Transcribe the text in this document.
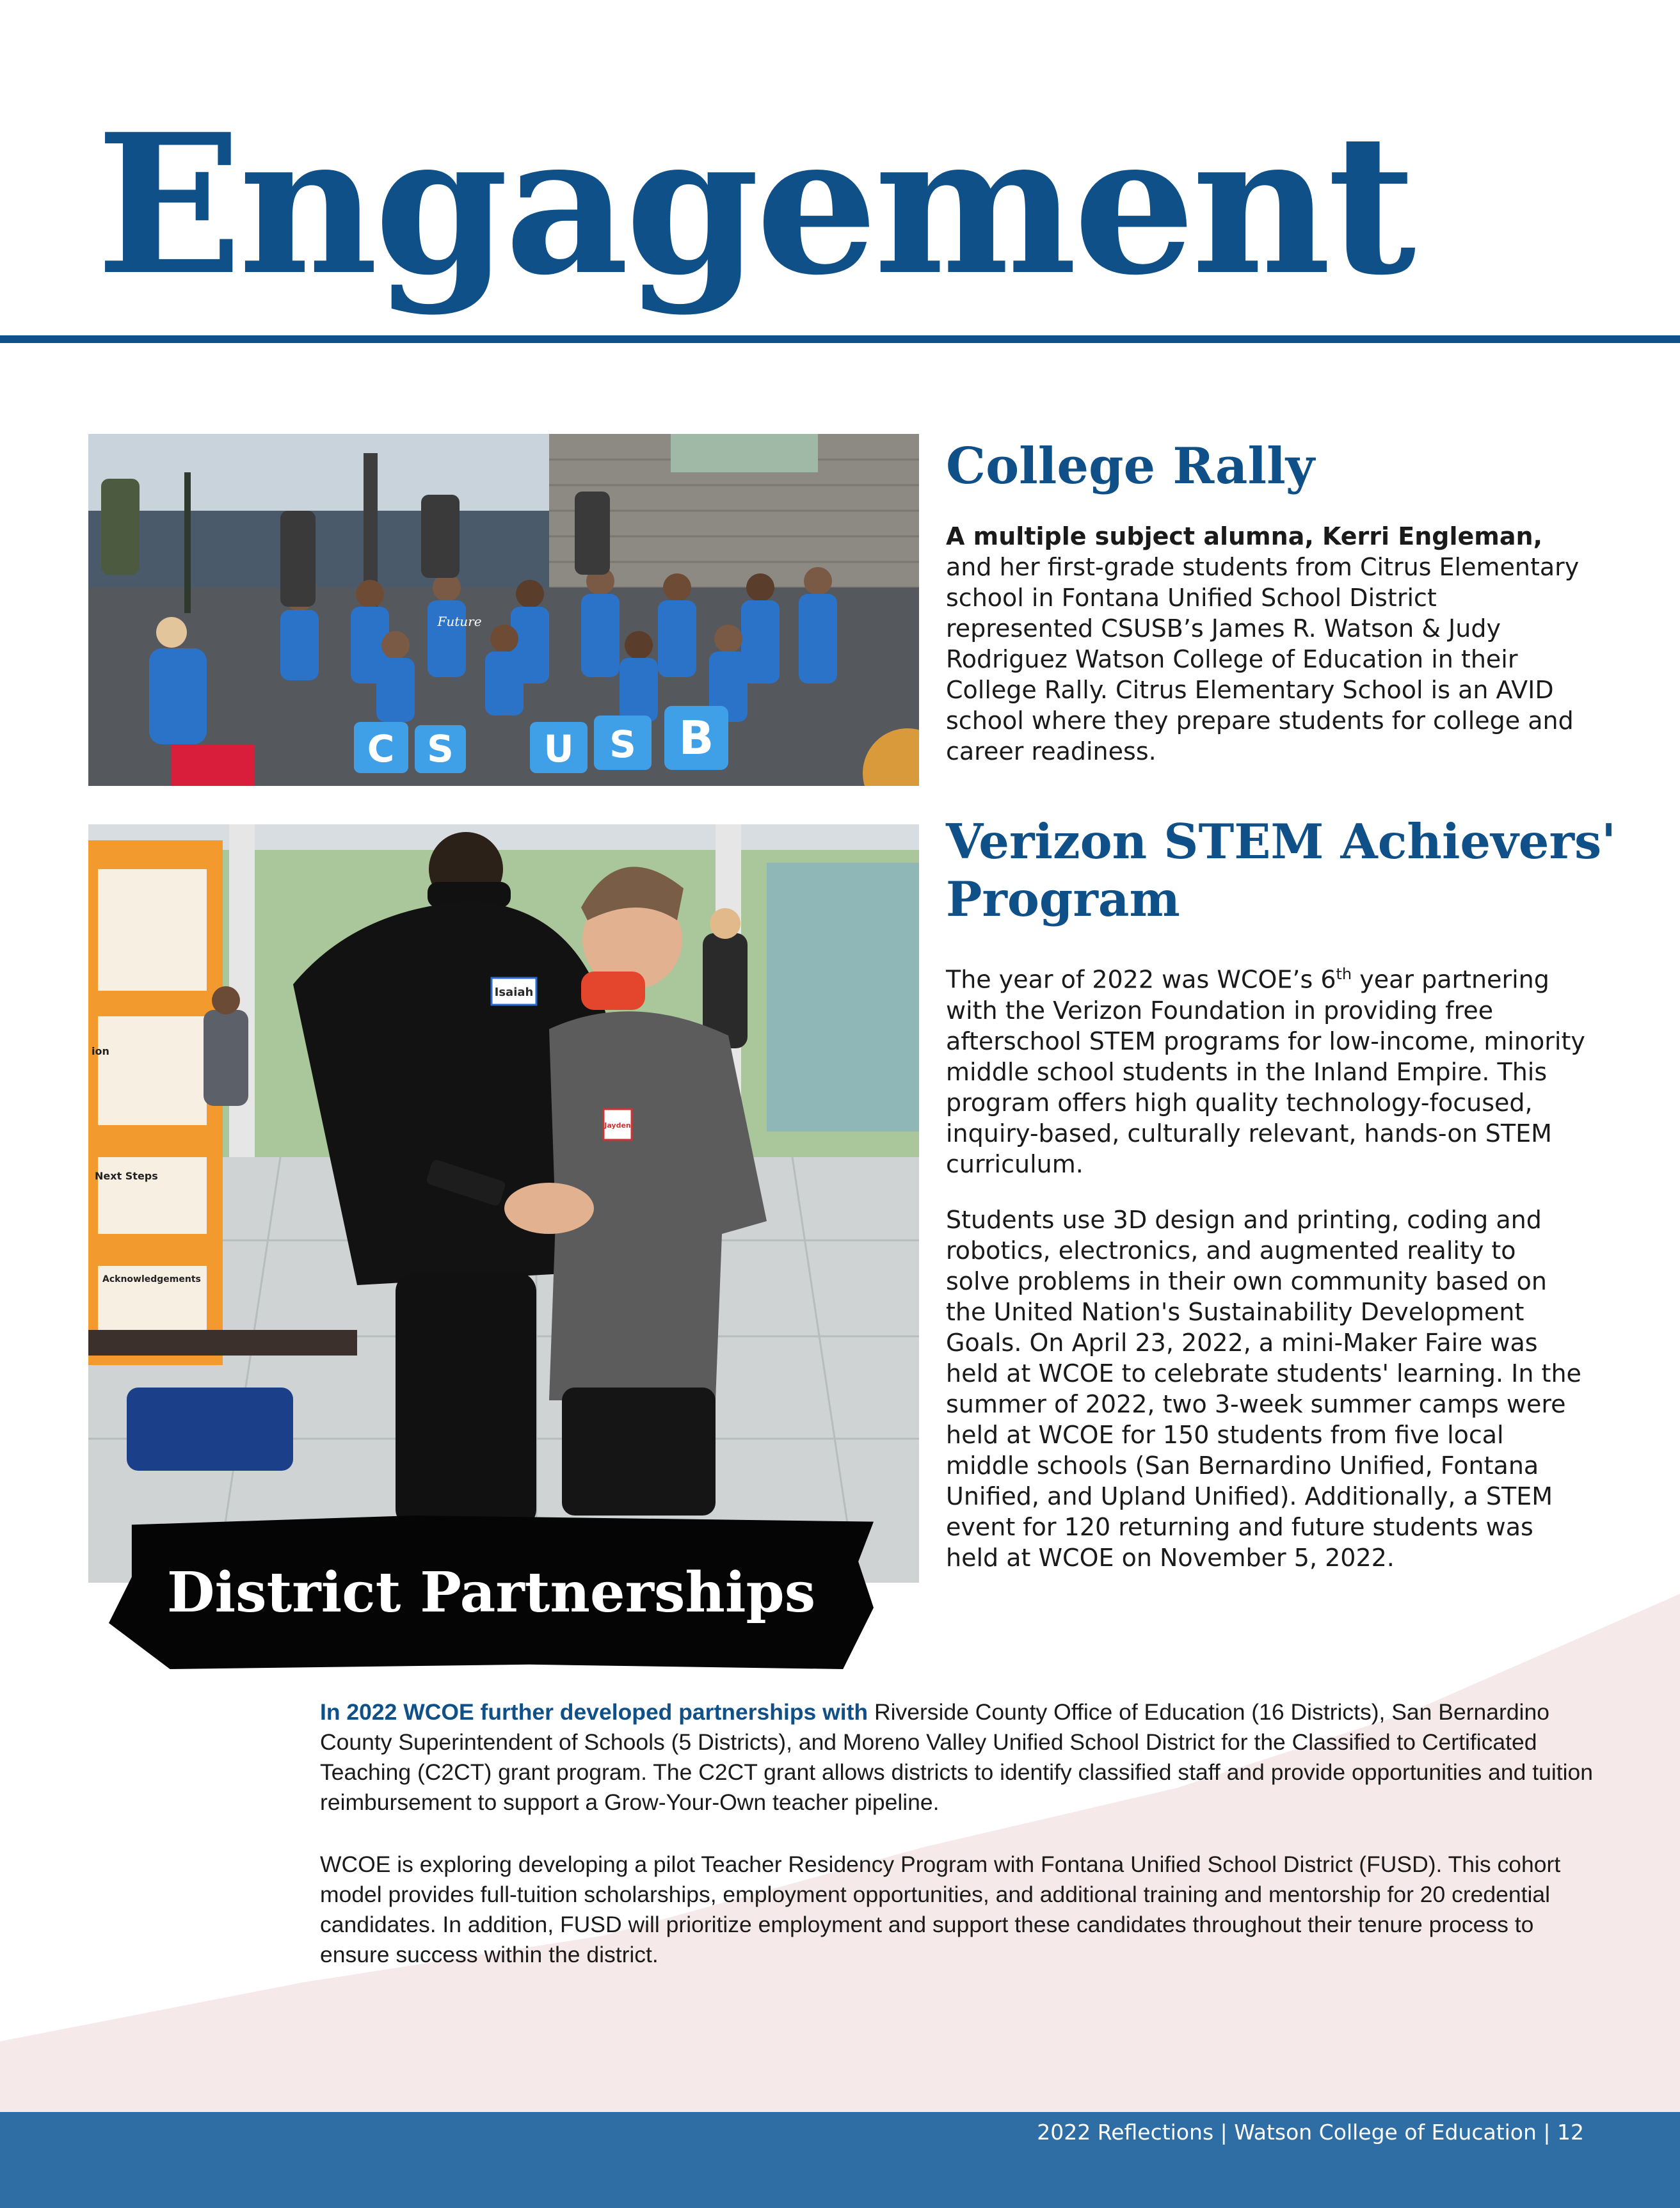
Engagement
C S U S B
Future
ion
Next Steps
Acknowledgements
Isaiah
Jayden
District Partnerships
College Rally

A multiple subject alumna, Kerri Engleman, and her first-grade students from Citrus Elementary school in Fontana Unified School District represented CSUSB’s James R. Watson & Judy Rodriguez Watson College of Education in their College Rally. Citrus Elementary School is an AVID school where they prepare students for college and career readiness.

Verizon STEM Achievers' Program

The year of 2022 was WCOE’s 6th year partnering with the Verizon Foundation in providing free afterschool STEM programs for low-income, minority middle school students in the Inland Empire. This program offers high quality technology-focused, inquiry-based, culturally relevant, hands-on STEM curriculum.

Students use 3D design and printing, coding and robotics, electronics, and augmented reality to solve problems in their own community based on the United Nation's Sustainability Development Goals. On April 23, 2022, a mini-Maker Faire was held at WCOE to celebrate students' learning. In the summer of 2022, two 3-week summer camps were held at WCOE for 150 students from five local middle schools (San Bernardino Unified, Fontana Unified, and Upland Unified). Additionally, a STEM event for 120 returning and future students was held at WCOE on November 5, 2022.

In 2022 WCOE further developed partnerships with Riverside County Office of Education (16 Districts), San Bernardino County Superintendent of Schools (5 Districts), and Moreno Valley Unified School District for the Classified to Certificated Teaching (C2CT) grant program. The C2CT grant allows districts to identify classified staff and provide opportunities and tuition reimbursement to support a Grow-Your-Own teacher pipeline.

WCOE is exploring developing a pilot Teacher Residency Program with Fontana Unified School District (FUSD). This cohort model provides full-tuition scholarships, employment opportunities, and additional training and mentorship for 20 credential candidates. In addition, FUSD will prioritize employment and support these candidates throughout their tenure process to ensure success within the district.

2022 Reflections | Watson College of Education | 12
